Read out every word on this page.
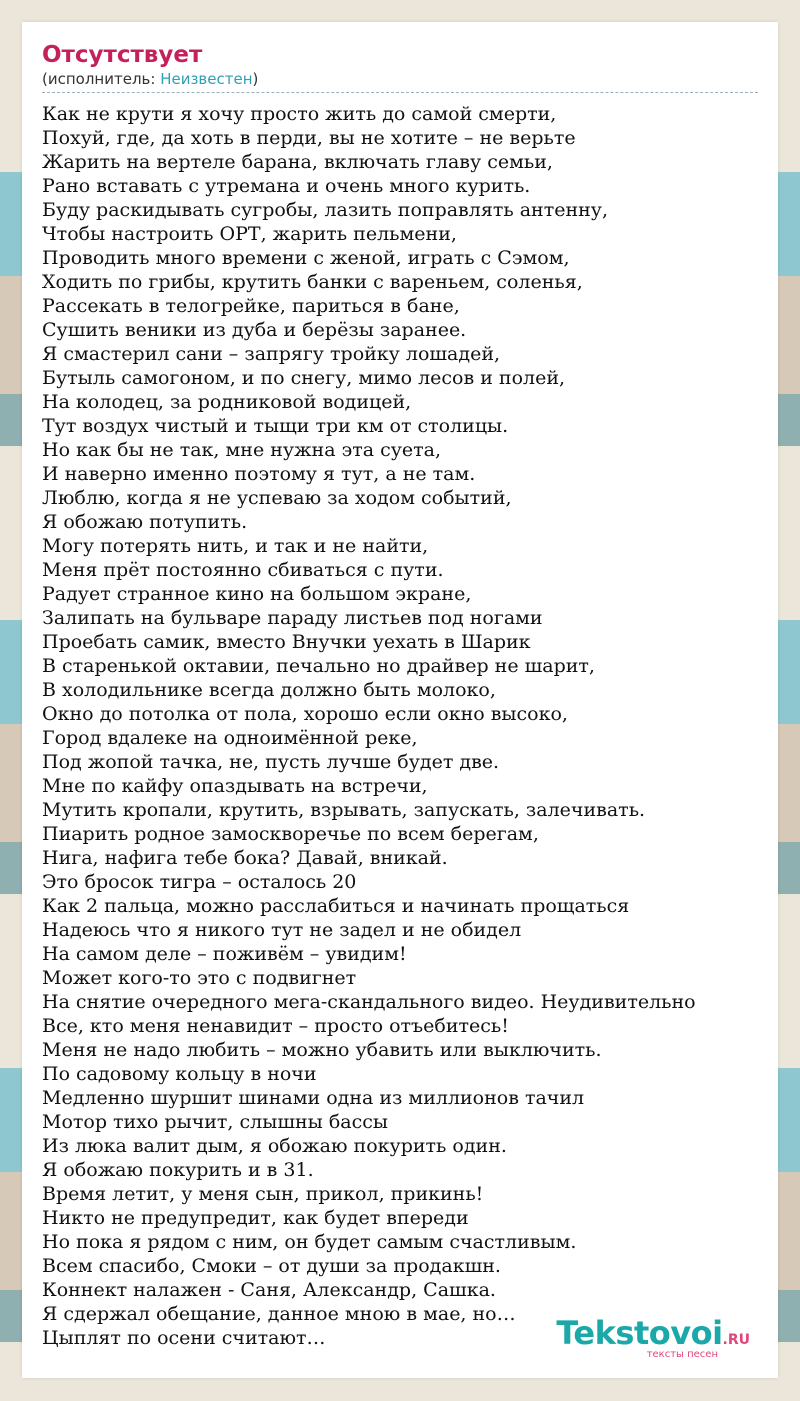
Отсутствует
(исполнитель: Неизвестен)
Как не крути я хочу просто жить до самой смерти,
Похуй, где, да хоть в перди, вы не хотите – не верьте
Жарить на вертеле барана, включать главу семьи,
Рано вставать с утремана и очень много курить.
Буду раскидывать сугробы, лазить поправлять антенну,
Чтобы настроить ОРТ, жарить пельмени,
Проводить много времени с женой, играть с Сэмом,
Ходить по грибы, крутить банки с вареньем, соленья,
Рассекать в телогрейке, париться в бане,
Сушить веники из дуба и берёзы заранее.
Я смастерил сани – запрягу тройку лошадей,
Бутыль самогоном, и по снегу, мимо лесов и полей,
На колодец, за родниковой водицей,
Тут воздух чистый и тыщи три км от столицы.
Но как бы не так, мне нужна эта суета,
И наверно именно поэтому я тут, а не там.
Люблю, когда я не успеваю за ходом событий,
Я обожаю потупить.
Могу потерять нить, и так и не найти,
Меня прёт постоянно сбиваться с пути.
Радует странное кино на большом экране,
Залипать на бульваре параду листьев под ногами
Проебать самик, вместо Внучки уехать в Шарик
В старенькой октавии, печально но драйвер не шарит,
В холодильнике всегда должно быть молоко,
Окно до потолка от пола, хорошо если окно высоко,
Город вдалеке на одноимённой реке,
Под жопой тачка, не, пусть лучше будет две.
Мне по кайфу опаздывать на встречи,
Мутить кропали, крутить, взрывать, запускать, залечивать.
Пиарить родное замоскворечье по всем берегам,
Нига, нафига тебе бока? Давай, вникай.
Это бросок тигра – осталось 20
Как 2 пальца, можно расслабиться и начинать прощаться
Надеюсь что я никого тут не задел и не обидел
На самом деле – поживём – увидим!
Может кого-то это с подвигнет
На снятие очередного мега-скандального видео. Неудивительно
Все, кто меня ненавидит – просто отъебитесь!
Меня не надо любить – можно убавить или выключить.
По садовому кольцу в ночи
Медленно шуршит шинами одна из миллионов тачил
Мотор тихо рычит, слышны бассы
Из люка валит дым, я обожаю покурить один.
Я обожаю покурить и в 31.
Время летит, у меня сын, прикол, прикинь!
Никто не предупредит, как будет впереди
Но пока я рядом с ним, он будет самым счастливым.
Всем спасибо, Смоки – от души за продакшн.
Коннект налажен - Саня, Александр, Сашка.
Я сдержал обещание, данное мною в мае, но…
Цыплят по осени считают…	Tekstovoi.RU
тексты песен
